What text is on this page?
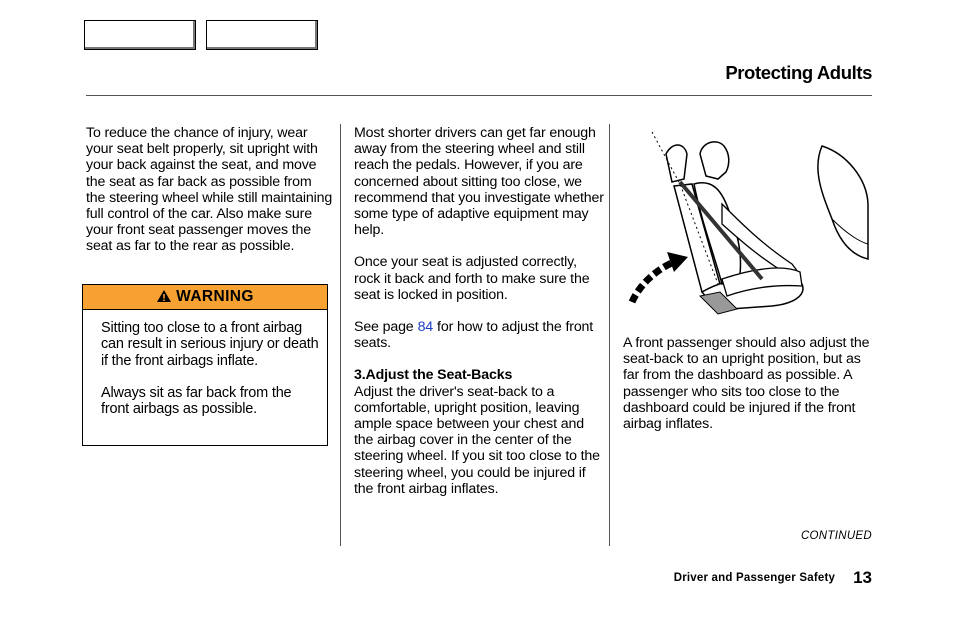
Protecting Adults

To reduce the chance of injury, wear your seat belt properly, sit upright with your back against the seat, and move the seat as far back as possible from the steering wheel while still maintaining full control of the car. Also make sure your front seat passenger moves the seat as far to the rear as possible.

WARNING

Sitting too close to a front airbag can result in serious injury or death if the front airbags inflate.

Always sit as far back from the front airbags as possible.

Most shorter drivers can get far enough away from the steering wheel and still reach the pedals. However, if you are concerned about sitting too close, we recommend that you investigate whether some type of adaptive equipment may help.

Once your seat is adjusted correctly, rock it back and forth to make sure the seat is locked in position.

See page 84 for how to adjust the front seats.

3.Adjust the Seat-Backs

Adjust the driver's seat-back to a comfortable, upright position, leaving ample space between your chest and the airbag cover in the center of the steering wheel. If you sit too close to the steering wheel, you could be injured if the front airbag inflates.

A front passenger should also adjust the seat-back to an upright position, but as far from the dashboard as possible. A passenger who sits too close to the dashboard could be injured if the front airbag inflates.

CONTINUED
Driver and Passenger Safety 13
